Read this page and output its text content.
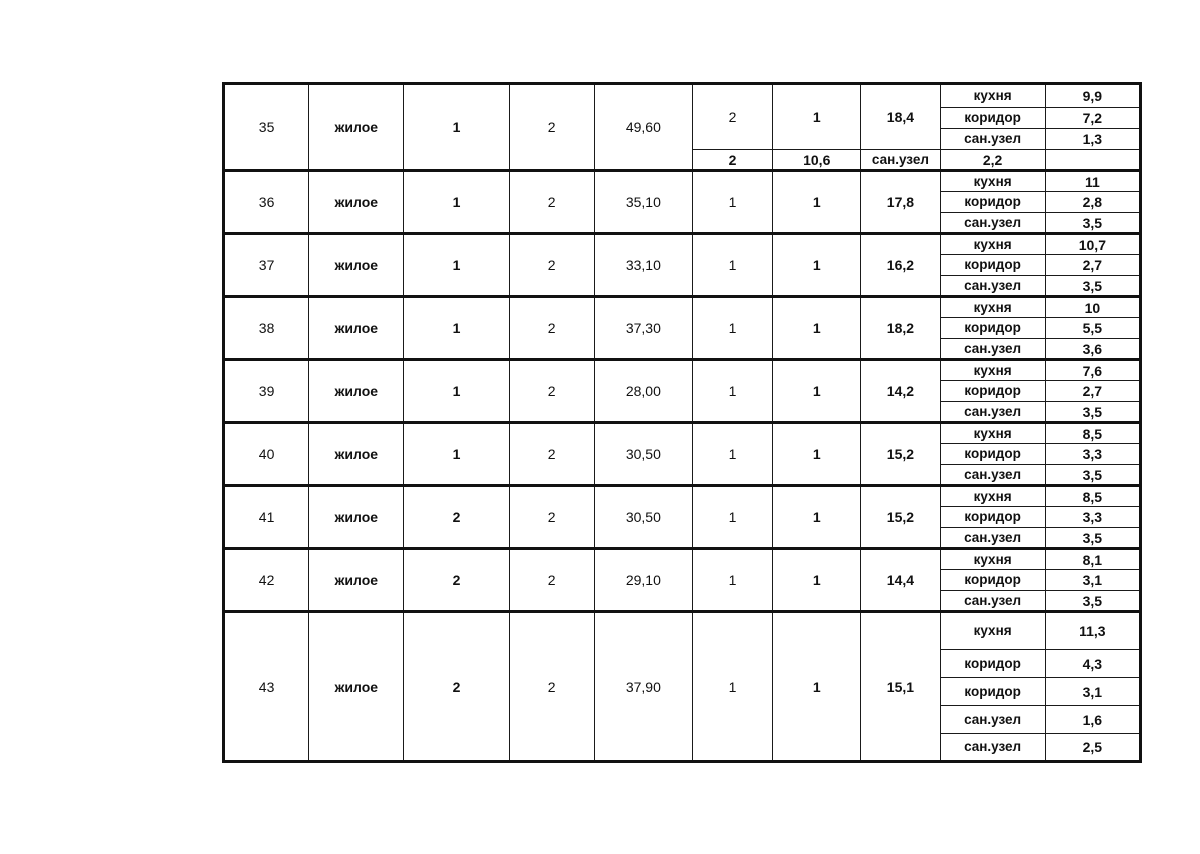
35	жилое	1	2	49,60	2	1	18,4	кухня	9,9
								коридор	7,2
								сан.узел	1,3
					2	10,6	сан.узел	2,2	
36	жилое	1	2	35,10	1	1	17,8	кухня	11
								коридор	2,8
								сан.узел	3,5
37	жилое	1	2	33,10	1	1	16,2	кухня	10,7
								коридор	2,7
								сан.узел	3,5
38	жилое	1	2	37,30	1	1	18,2	кухня	10
								коридор	5,5
								сан.узел	3,6
39	жилое	1	2	28,00	1	1	14,2	кухня	7,6
								коридор	2,7
								сан.узел	3,5
40	жилое	1	2	30,50	1	1	15,2	кухня	8,5
								коридор	3,3
								сан.узел	3,5
41	жилое	2	2	30,50	1	1	15,2	кухня	8,5
								коридор	3,3
								сан.узел	3,5
42	жилое	2	2	29,10	1	1	14,4	кухня	8,1
								коридор	3,1
								сан.узел	3,5
43	жилое	2	2	37,90	1	1	15,1	кухня	11,3
								коридор	4,3
								коридор	3,1
								сан.узел	1,6
								сан.узел	2,5
